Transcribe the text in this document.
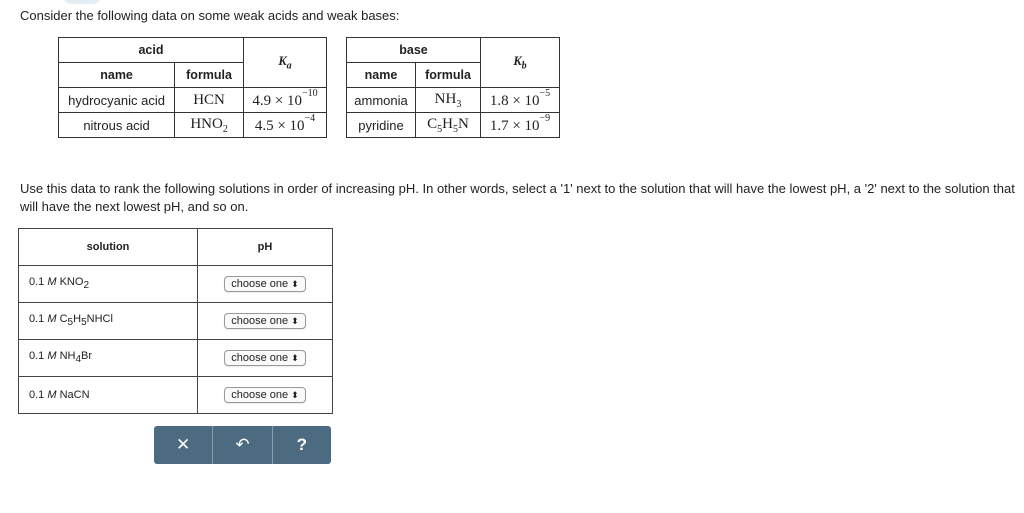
Consider the following data on some weak acids and weak bases:
acid		$K_a$
name	formula	
hydrocyanic acid	HCN	$4.9 \times 10^{-10}$
nitrous acid	$HNO_2$	$4.5 \times 10^{-4}$
base		$K_b$
name	formula	
ammonia	$NH_3$	$1.8 \times 10^{-5}$
pyridine	$C_5H_5N$	$1.7 \times 10^{-9}$
Use this data to rank the following solutions in order of increasing pH. In other words, select a '1' next to the solution that will have the lowest pH, a '2' next to the solution that will have the next lowest pH, and so on.
solution	pH
0.1 M $KNO_2$	choose one ⬍
0.1 M $C_5H_5NHCl$	choose one ⬍
0.1 M $NH_4Br$	choose one ⬍
0.1 M NaCN	choose one ⬍
✕	↶	?
